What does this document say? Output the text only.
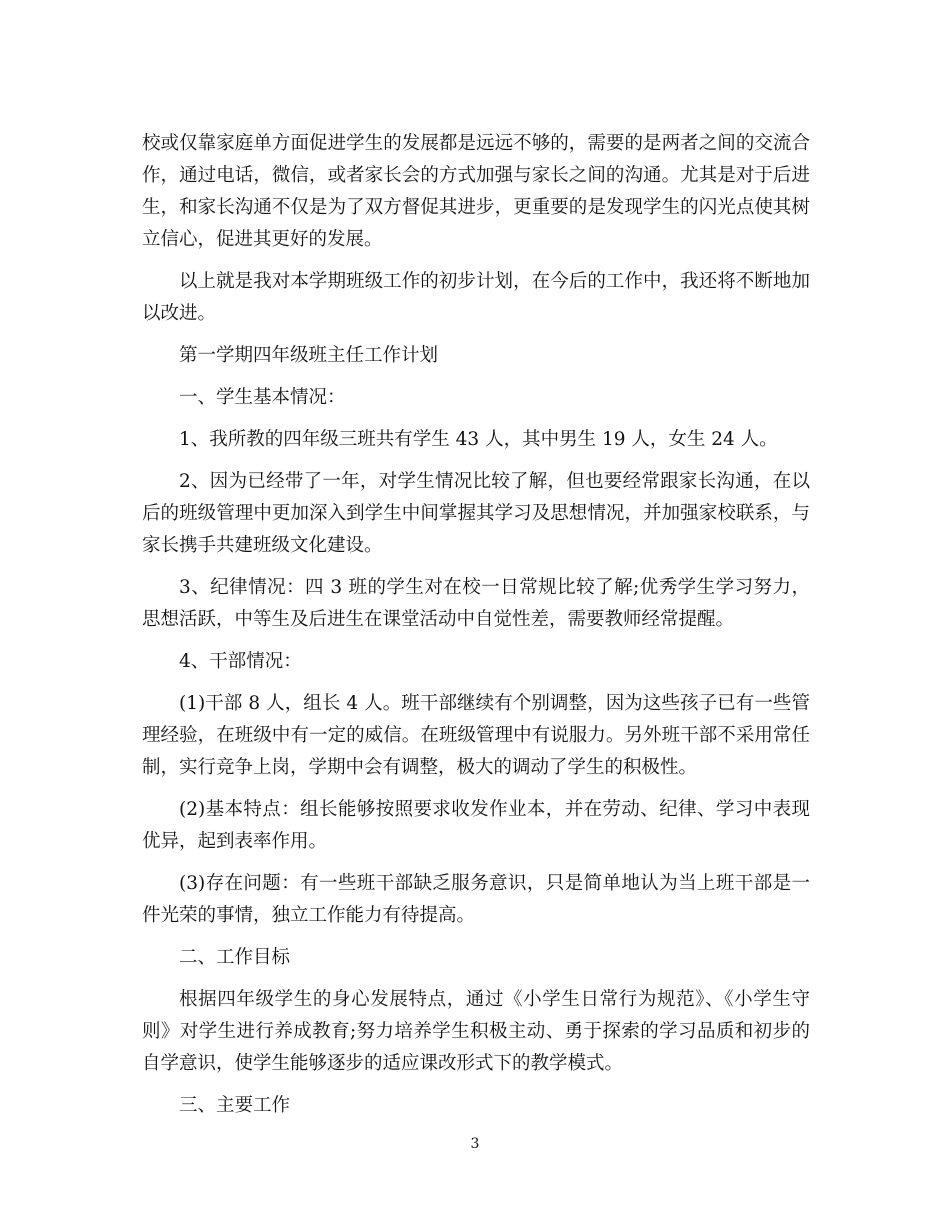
校或仅靠家庭单方面促进学生的发展都是远远不够的，需要的是两者之间的交流合作，通过电话，微信，或者家长会的方式加强与家长之间的沟通。尤其是对于后进生，和家长沟通不仅是为了双方督促其进步，更重要的是发现学生的闪光点使其树立信心，促进其更好的发展。

以上就是我对本学期班级工作的初步计划，在今后的工作中，我还将不断地加以改进。

第一学期四年级班主任工作计划

一、学生基本情况：

1、我所教的四年级三班共有学生 43 人，其中男生 19 人，女生 24 人。

2、因为已经带了一年，对学生情况比较了解，但也要经常跟家长沟通，在以后的班级管理中更加深入到学生中间掌握其学习及思想情况，并加强家校联系，与家长携手共建班级文化建设。

3、纪律情况：四 3 班的学生对在校一日常规比较了解;优秀学生学习努力，思想活跃，中等生及后进生在课堂活动中自觉性差，需要教师经常提醒。

4、干部情况：

(1)干部 8 人，组长 4 人。班干部继续有个别调整，因为这些孩子已有一些管理经验，在班级中有一定的威信。在班级管理中有说服力。另外班干部不采用常任制，实行竞争上岗，学期中会有调整，极大的调动了学生的积极性。

(2)基本特点：组长能够按照要求收发作业本，并在劳动、纪律、学习中表现优异，起到表率作用。

(3)存在问题：有一些班干部缺乏服务意识，只是简单地认为当上班干部是一件光荣的事情，独立工作能力有待提高。

二、工作目标

根据四年级学生的身心发展特点，通过《小学生日常行为规范》、《小学生守则》对学生进行养成教育;努力培养学生积极主动、勇于探索的学习品质和初步的自学意识，使学生能够逐步的适应课改形式下的教学模式。

三、主要工作

3
